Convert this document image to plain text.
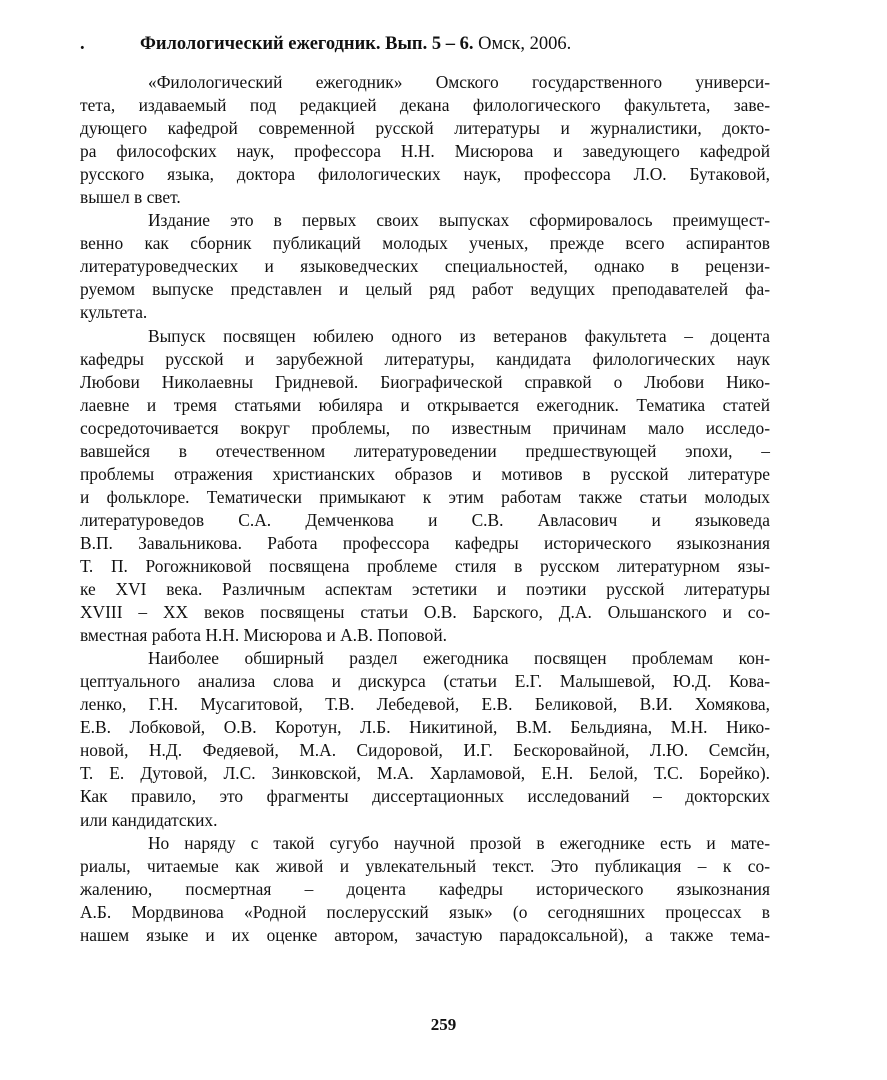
.	Филологический ежегодник. Вып. 5 – 6. Омск, 2006.
«Филологический ежегодник» Омского государственного универси-
тета, издаваемый под редакцией декана филологического факультета, заве-
дующего кафедрой современной русской литературы и журналистики, докто-
ра философских наук, профессора Н.Н. Мисюрова и заведующего кафедрой
русского языка, доктора филологических наук, профессора Л.О. Бутаковой,
вышел в свет.
Издание это в первых своих выпусках сформировалось преимущест-
венно как сборник публикаций молодых ученых, прежде всего аспирантов
литературоведческих и языковедческих специальностей, однако в рецензи-
руемом выпуске представлен и целый ряд работ ведущих преподавателей фа-
культета.
Выпуск посвящен юбилею одного из ветеранов факультета – доцента
кафедры русской и зарубежной литературы, кандидата филологических наук
Любови Николаевны Гридневой. Биографической справкой о Любови Нико-
лаевне и тремя статьями юбиляра и открывается ежегодник. Тематика статей
сосредоточивается вокруг проблемы, по известным причинам мало исследо-
вавшейся в отечественном литературоведении предшествующей эпохи, –
проблемы отражения христианских образов и мотивов в русской литературе
и фольклоре. Тематически примыкают к этим работам также статьи молодых
литературоведов С.А. Демченкова и С.В. Авласович и языковеда
В.П. Завальникова. Работа профессора кафедры исторического языкознания
Т. П. Рогожниковой посвящена проблеме стиля в русском литературном язы-
ке XVI века. Различным аспектам эстетики и поэтики русской литературы
XVIII – XX веков посвящены статьи О.В. Барского, Д.А. Ольшанского и со-
вместная работа Н.Н. Мисюрова и А.В. Поповой.
Наиболее обширный раздел ежегодника посвящен проблемам кон-
цептуального анализа слова и дискурса (статьи Е.Г. Малышевой, Ю.Д. Кова-
ленко, Г.Н. Мусагитовой, Т.В. Лебедевой, Е.В. Беликовой, В.И. Хомякова,
Е.В. Лобковой, О.В. Коротун, Л.Б. Никитиной, В.М. Бельдияна, М.Н. Нико-
новой, Н.Д. Федяевой, М.А. Сидоровой, И.Г. Бескоровайной, Л.Ю. Семсйн,
Т. Е. Дутовой, Л.С. Зинковской, М.А. Харламовой, Е.Н. Белой, Т.С. Борейко).
Как правило, это фрагменты диссертационных исследований – докторских
или кандидатских.
Но наряду с такой сугубо научной прозой в ежегоднике есть и мате-
риалы, читаемые как живой и увлекательный текст. Это публикация – к со-
жалению, посмертная – доцента кафедры исторического языкознания
А.Б. Мордвинова «Родной послерусский язык» (о сегодняшних процессах в
нашем языке и их оценке автором, зачастую парадоксальной), а также тема-
259
